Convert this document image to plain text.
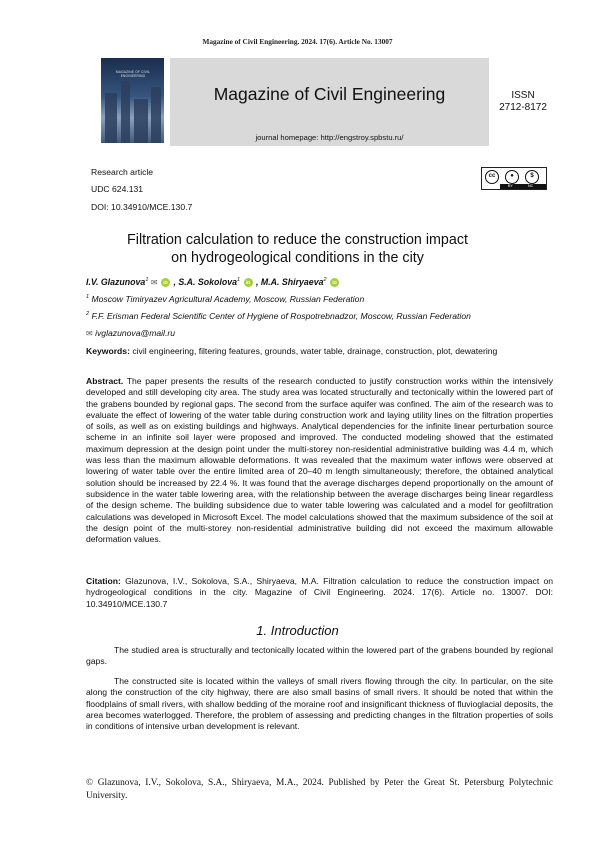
Magazine of Civil Engineering. 2024. 17(6). Article No. 13007
MAGAZINE OF CIVIL ENGINEERING
Magazine of Civil Engineering
journal homepage: http://engstroy.spbstu.ru/
ISSN
2712-8172
Research article
UDC 624.131
DOI: 10.34910/MCE.130.7
cc	●	$
BY	NC
Filtration calculation to reduce the construction impact
on hydrogeological conditions in the city
I.V. Glazunova$^1$ ✉ iD , S.A. Sokolova$^1$ iD , M.A. Shiryaeva$^2$ iD
$^1$ Moscow Timiryazev Agricultural Academy, Moscow, Russian Federation
$^2$ F.F. Erisman Federal Scientific Center of Hygiene of Rospotrebnadzor, Moscow, Russian Federation
✉ ivglazunova@mail.ru
Keywords: civil engineering, filtering features, grounds, water table, drainage, construction, plot, dewatering
Abstract. The paper presents the results of the research conducted to justify construction works within the intensively developed and still developing city area. The study area was located structurally and tectonically within the lowered part of the grabens bounded by regional gaps. The second from the surface aquifer was confined. The aim of the research was to evaluate the effect of lowering of the water table during construction work and laying utility lines on the filtration properties of soils, as well as on existing buildings and highways. Analytical dependencies for the infinite linear perturbation source scheme in an infinite soil layer were proposed and improved. The conducted modeling showed that the estimated maximum depression at the design point under the multi-storey non-residential administrative building was 4.4 m, which was less than the maximum allowable deformations. It was revealed that the maximum water inflows were observed at lowering of water table over the entire limited area of 20–40 m length simultaneously; therefore, the obtained analytical solution should be increased by 22.4 %. It was found that the average discharges depend proportionally on the amount of subsidence in the water table lowering area, with the relationship between the average discharges being linear regardless of the design scheme. The building subsidence due to water table lowering was calculated and a model for geofiltration calculations was developed in Microsoft Excel. The model calculations showed that the maximum subsidence of the soil at the design point of the multi-storey non-residential administrative building did not exceed the maximum allowable deformation values.
Citation: Glazunova, I.V., Sokolova, S.A., Shiryaeva, M.A. Filtration calculation to reduce the construction impact on hydrogeological conditions in the city. Magazine of Civil Engineering. 2024. 17(6). Article no. 13007. DOI: 10.34910/MCE.130.7
1. Introduction
The studied area is structurally and tectonically located within the lowered part of the grabens bounded by regional gaps.
The constructed site is located within the valleys of small rivers flowing through the city. In particular, on the site along the construction of the city highway, there are also small basins of small rivers. It should be noted that within the floodplains of small rivers, with shallow bedding of the moraine roof and insignificant thickness of fluvioglacial deposits, the area becomes waterlogged. Therefore, the problem of assessing and predicting changes in the filtration properties of soils in conditions of intensive urban development is relevant.
© Glazunova, I.V., Sokolova, S.A., Shiryaeva, M.A., 2024. Published by Peter the Great St. Petersburg Polytechnic University.
